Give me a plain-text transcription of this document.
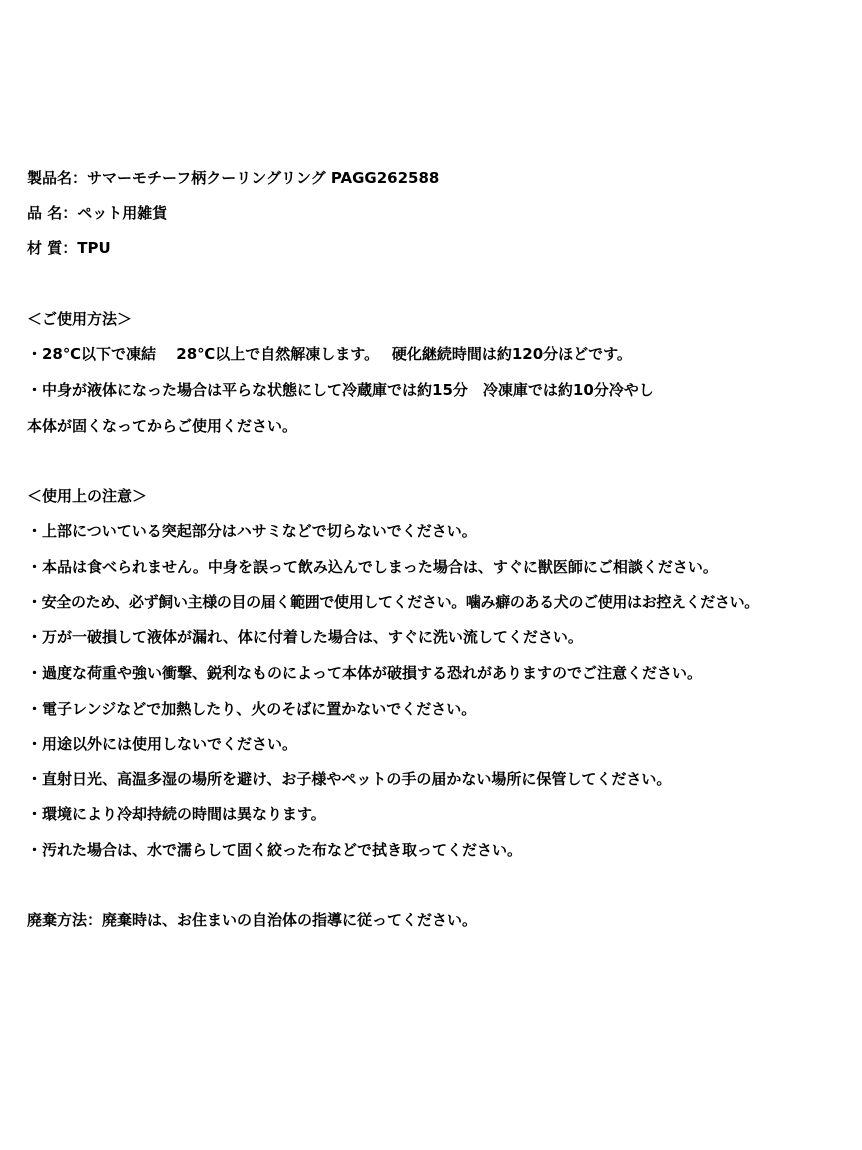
製品名：サマーモチーフ柄クーリングリング PAGG262588
品 名：ペット用雑貨
材 質：TPU
＜ご使用方法＞
・28℃以下で凍結　 28℃以上で自然解凍します。　 硬化継続時間は約120分ほどです。
・中身が液体になった場合は平らな状態にして冷蔵庫では約15分　冷凍庫では約10分冷やし
本体が固くなってからご使用ください。
＜使用上の注意＞
・上部についている突起部分はハサミなどで切らないでください。
・本品は食べられません。中身を誤って飲み込んでしまった場合は、すぐに獣医師にご相談ください。
・安全のため、必ず飼い主様の目の届く範囲で使用してください。噛み癖のある犬のご使用はお控えください。
・万が一破損して液体が漏れ、体に付着した場合は、すぐに洗い流してください。
・過度な荷重や強い衝撃、鋭利なものによって本体が破損する恐れがありますのでご注意ください。
・電子レンジなどで加熱したり、火のそばに置かないでください。
・用途以外には使用しないでください。
・直射日光、高温多湿の場所を避け、お子様やペットの手の届かない場所に保管してください。
・環境により冷却持続の時間は異なります。
・汚れた場合は、水で濡らして固く絞った布などで拭き取ってください。
廃棄方法：廃棄時は、お住まいの自治体の指導に従ってください。
